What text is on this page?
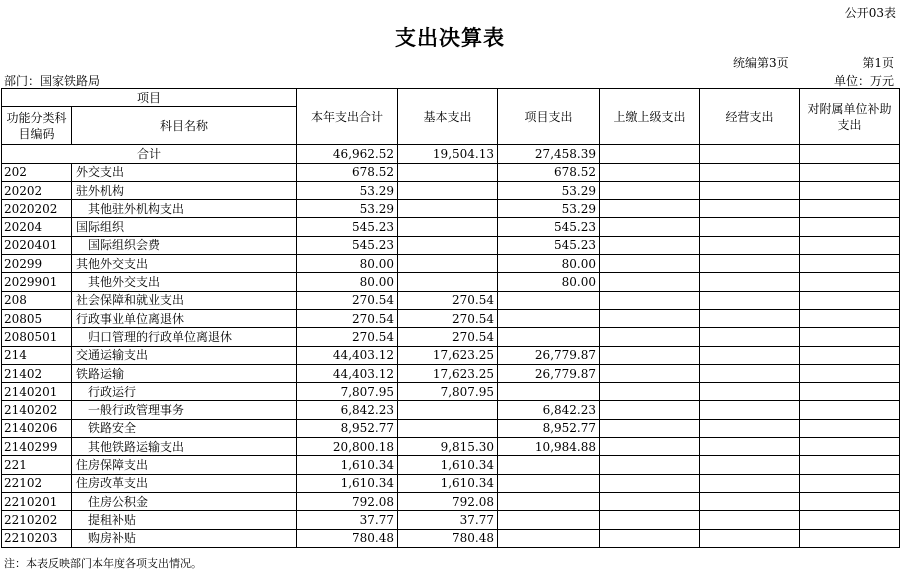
公开03表
支出决算表
统编第3页	第1页
部门：国家铁路局	单位：万元
项目		本年支出合计	基本支出	项目支出	上缴上级支出	经营支出	对附属单位补助支出
功能分类科目编码	科目名称						
合计		46,962.52	19,504.13	27,458.39			
202	外交支出	678.52		678.52			
20202	驻外机构	53.29		53.29			
2020202	其他驻外机构支出	53.29		53.29			
20204	国际组织	545.23		545.23			
2020401	国际组织会费	545.23		545.23			
20299	其他外交支出	80.00		80.00			
2029901	其他外交支出	80.00		80.00			
208	社会保障和就业支出	270.54	270.54				
20805	行政事业单位离退休	270.54	270.54				
2080501	归口管理的行政单位离退休	270.54	270.54				
214	交通运输支出	44,403.12	17,623.25	26,779.87			
21402	铁路运输	44,403.12	17,623.25	26,779.87			
2140201	行政运行	7,807.95	7,807.95				
2140202	一般行政管理事务	6,842.23		6,842.23			
2140206	铁路安全	8,952.77		8,952.77			
2140299	其他铁路运输支出	20,800.18	9,815.30	10,984.88			
221	住房保障支出	1,610.34	1,610.34				
22102	住房改革支出	1,610.34	1,610.34				
2210201	住房公积金	792.08	792.08				
2210202	提租补贴	37.77	37.77				
2210203	购房补贴	780.48	780.48				
注：本表反映部门本年度各项支出情况。
